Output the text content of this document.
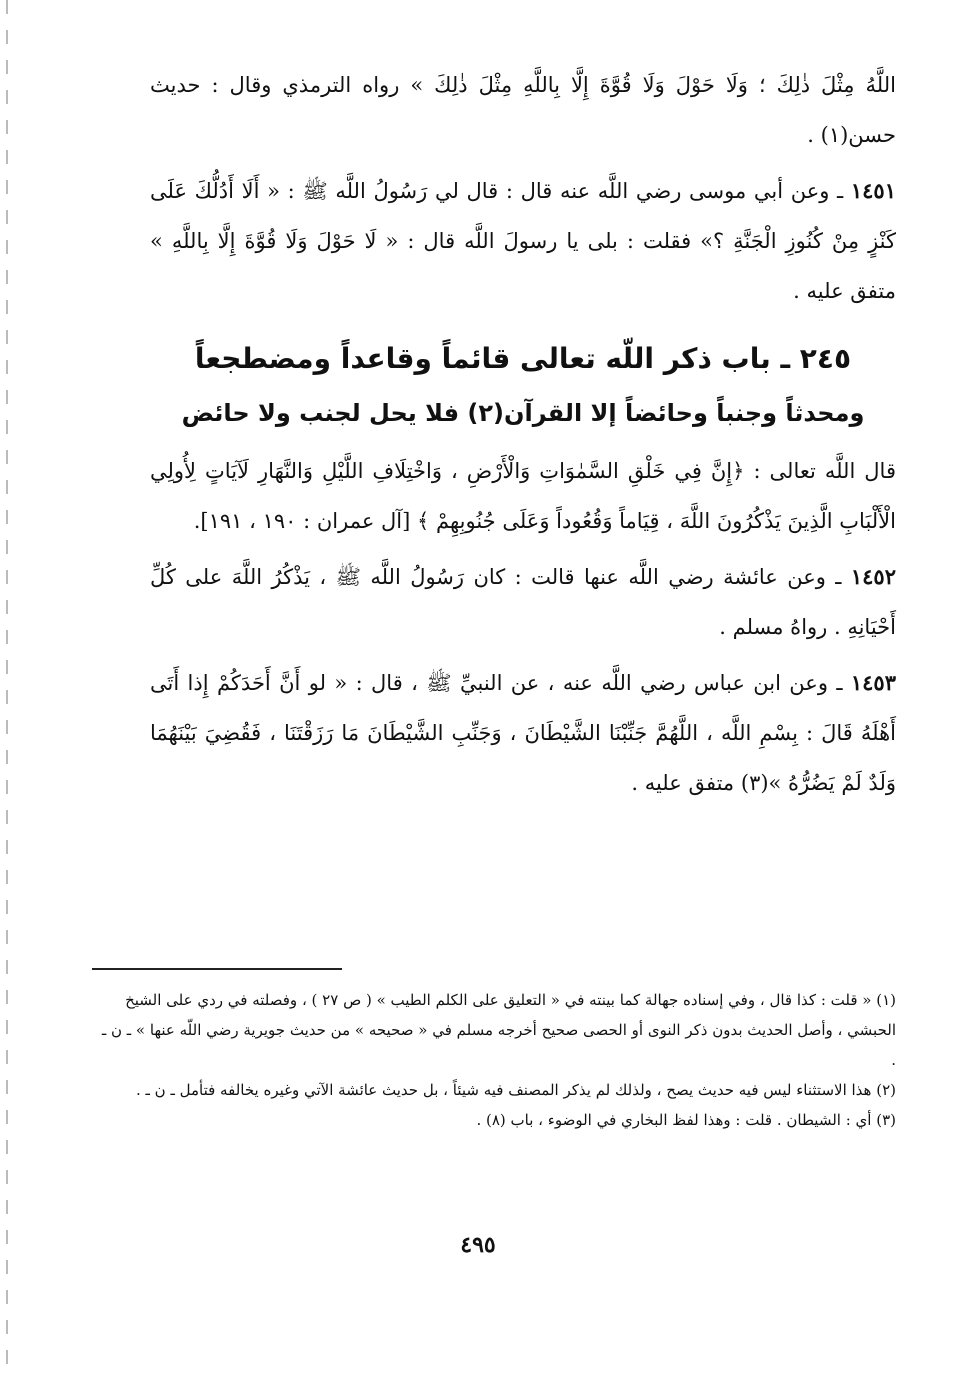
اللَّهُ مِثْلَ ذٰلِكَ ؛ وَلَا حَوْلَ وَلَا قُوَّةَ إِلَّا بِاللَّهِ مِثْلَ ذٰلِكَ » رواه الترمذي وقال : حديث حسن(١) .

١٤٥١ ـ وعن أبي موسى رضي اللَّه عنه قال : قال لي رَسُولُ اللَّه ﷺ : « أَلَا أَدُلُّكَ عَلَى كَنْزٍ مِنْ كُنُوزِ الْجَنَّةِ ؟» فقلت : بلى يا رسولَ اللَّه قال : « لَا حَوْلَ وَلَا قُوَّةَ إِلَّا بِاللَّهِ » متفق عليه .

٢٤٥ ـ باب ذكر اللّه تعالى قائماً وقاعداً ومضطجعاً
ومحدثاً وجنباً وحائضاً إلا القرآن(٢) فلا يحل لجنب ولا حائض

قال اللَّه تعالى : ﴿إِنَّ فِي خَلْقِ السَّمٰوَاتِ وَالْأَرْضِ ، وَاخْتِلَافِ اللَّيْلِ وَالنَّهَارِ لَآيَاتٍ لِأُولِي الْأَلْبَابِ الَّذِينَ يَذْكُرُونَ اللَّهَ ، قِيَاماً وَقُعُوداً وَعَلَى جُنُوبِهِمْ ﴾ [آل عمران : ١٩٠ ، ١٩١].

١٤٥٢ ـ وعن عائشة رضي اللَّه عنها قالت : كان رَسُولُ اللَّه ﷺ ، يَذْكُرُ اللَّهَ على كُلِّ أَحْيَانِهِ . رواهُ مسلم .

١٤٥٣ ـ وعن ابن عباس رضي اللَّه عنه ، عن النبيِّ ﷺ ، قال : « لو أَنَّ أَحَدَكُمْ إِذا أَتَى أَهْلَهُ قَالَ : بِسْمِ اللَّه ، اللَّهُمَّ جَنِّبْنَا الشَّيْطَانَ ، وَجَنِّبِ الشَّيْطَانَ مَا رَزَقْتَنَا ، فَقُضِيَ بَيْنَهُمَا وَلَدٌ لَمْ يَضُرُّهُ »(٣) متفق عليه .

(١) « قلت : كذا قال ، وفي إسناده جهالة كما بينته في « التعليق على الكلم الطيب » ( ص ٢٧ ) ، وفصلته في ردي على الشيخ الحبشي ، وأصل الحديث بدون ذكر النوى أو الحصى صحيح أخرجه مسلم في « صحيحه » من حديث جويرية رضي اللّه عنها » ـ ن ـ .

(٢) هذا الاستثناء ليس فيه حديث يصح ، ولذلك لم يذكر المصنف فيه شيئاً ، بل حديث عائشة الآتي وغيره يخالفه فتأمل ـ ن ـ .

(٣) أي : الشيطان . قلت : وهذا لفظ البخاري في الوضوء ، باب (٨) .

٤٩٥
